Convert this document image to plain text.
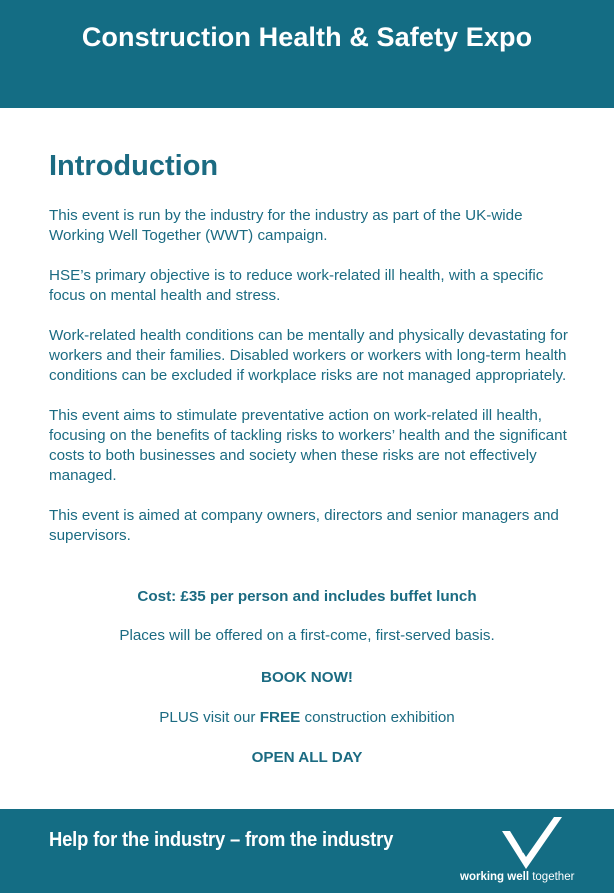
Construction Health & Safety Expo
Introduction

This event is run by the industry for the industry as part of the UK-wide Working Well Together (WWT) campaign.

HSE’s primary objective is to reduce work-related ill health, with a specific focus on mental health and stress.

Work-related health conditions can be mentally and physically devastating for workers and their families. Disabled workers or workers with long-term health conditions can be excluded if workplace risks are not managed appropriately.

This event aims to stimulate preventative action on work-related ill health, focusing on the benefits of tackling risks to workers’ health and the significant costs to both businesses and society when these risks are not effectively managed.

This event is aimed at company owners, directors and senior managers and supervisors.

Cost: £35 per person and includes buffet lunch
Places will be offered on a first-come, first-served basis.
BOOK NOW!
PLUS visit our FREE construction exhibition
OPEN ALL DAY
Help for the industry – from the industry
working well together
